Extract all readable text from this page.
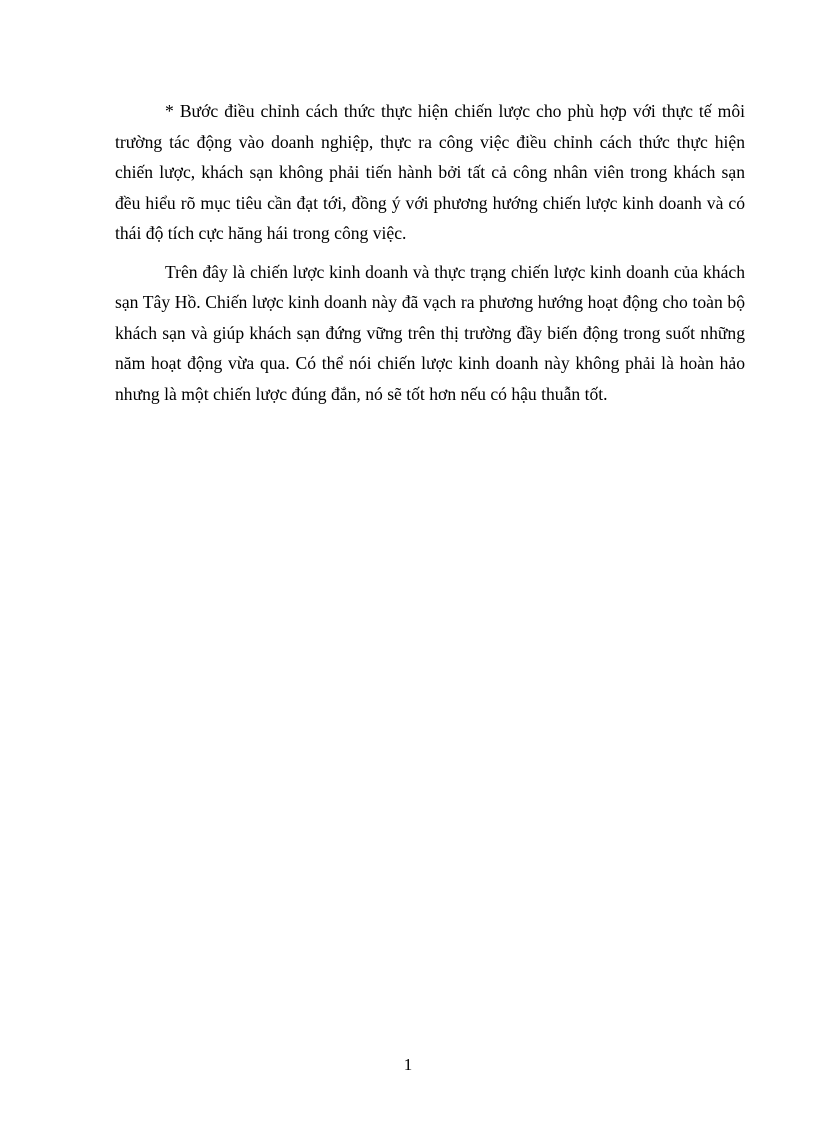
* Bước điều chỉnh cách thức thực hiện chiến lược cho phù hợp với thực tế môi trường tác động vào doanh nghiệp, thực ra công việc điều chỉnh cách thức thực hiện chiến lược, khách sạn không phải tiến hành bởi tất cả công nhân viên trong khách sạn đều hiểu rõ mục tiêu cần đạt tới, đồng ý với phương hướng chiến lược kinh doanh và có thái độ tích cực hăng hái trong công việc.

Trên đây là chiến lược kinh doanh và thực trạng chiến lược kinh doanh của khách sạn Tây Hồ. Chiến lược kinh doanh này đã vạch ra phương hướng hoạt động cho toàn bộ khách sạn và giúp khách sạn đứng vững trên thị trường đầy biến động trong suốt những năm hoạt động vừa qua. Có thể nói chiến lược kinh doanh này không phải là hoàn hảo nhưng là một chiến lược đúng đắn, nó sẽ tốt hơn nếu có hậu thuẫn tốt.

1
